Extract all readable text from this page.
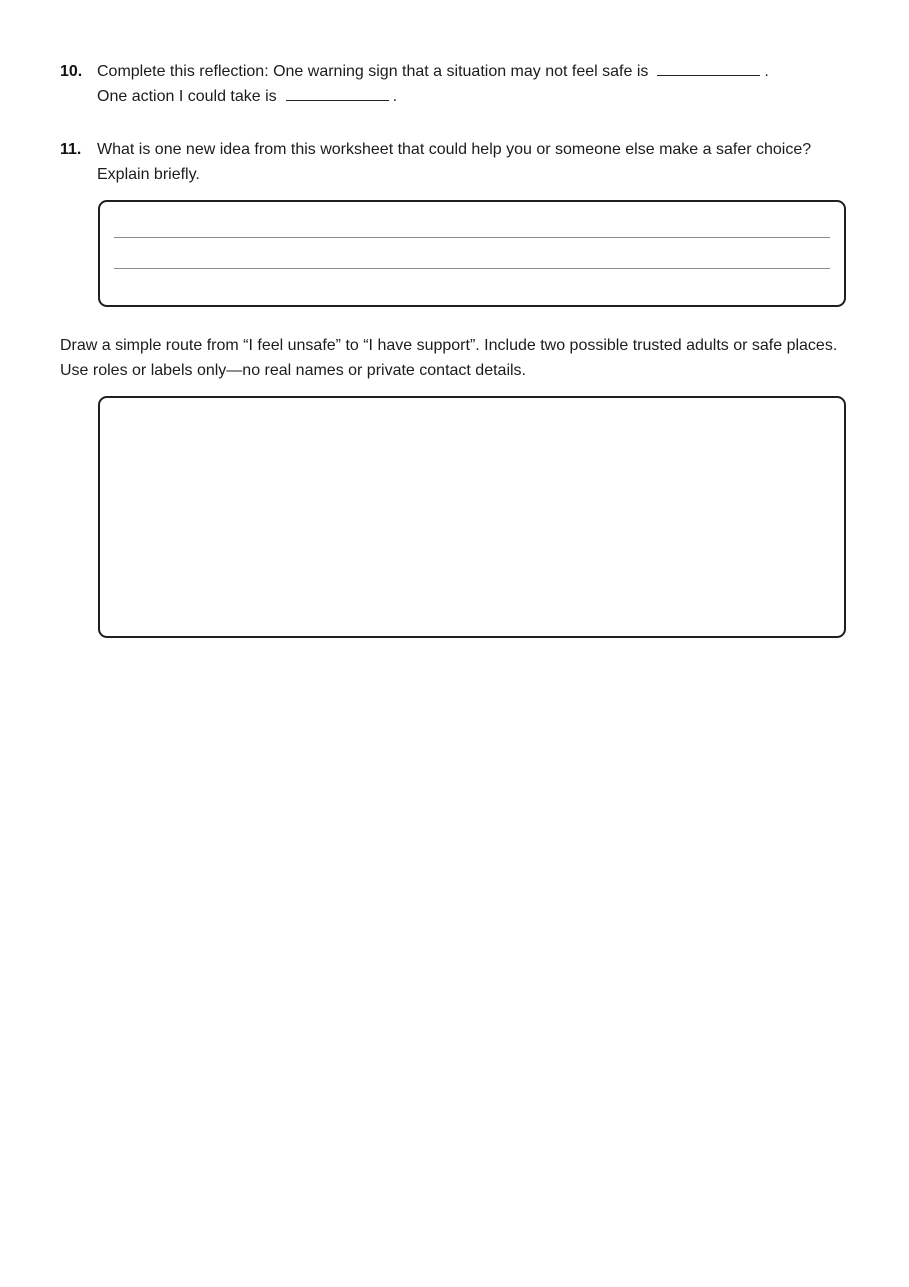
10. Complete this reflection: One warning sign that a situation may not feel safe is	.
One action I could take is	.
11. What is one new idea from this worksheet that could help you or someone else make a safer choice? Explain briefly.
Draw a simple route from “I feel unsafe” to “I have support”. Include two possible trusted adults or safe places. Use roles or labels only—no real names or private contact details.
